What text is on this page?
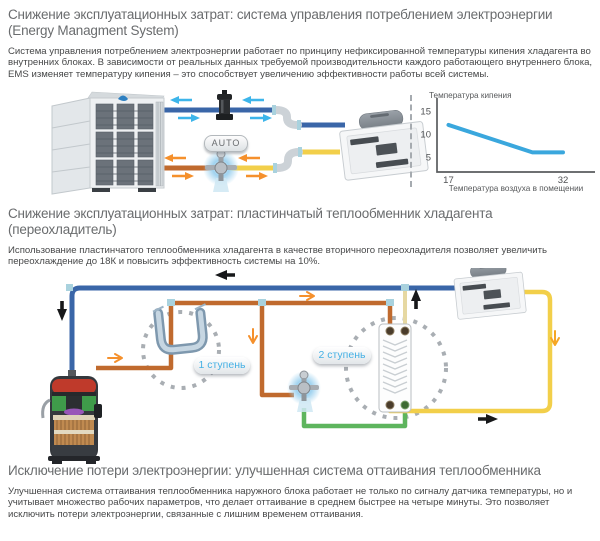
Снижение эксплуатационных затрат: система управления потреблением электроэнергии
(Energy Managment System)

Система управления потреблением электроэнергии работает по принципу нефиксированной температуры кипения хладагента во внутренних блоках. В зависимости от реальных данных требуемой производительности каждого работающего внутреннего блока, EMS изменяет температуру кипения – это способствует увеличению эффективности работы всей системы.

AUTO
Температура кипения
15
10
5
17	32
Температура воздуха в помещении
Снижение эксплуатационных затрат: пластинчатый теплообменник хладагента
(переохладитель)

Использование пластинчатого теплообменника хладагента в качестве вторичного переохладителя позволяет увеличить переохлаждение до 18К и повысить эффективность системы на 10%.

1 ступень
2 ступень
Исключение потери электроэнергии: улучшенная система оттаивания теплообменника

Улучшенная система оттаивания теплообменника наружного блока работает не только по сигналу датчика температуры, но и учитывает множество рабочих параметров, что делает оттаивание в среднем быстрее на четыре минуты. Это позволяет исключить потери электроэнергии, связанные с лишним временем оттаивания.
